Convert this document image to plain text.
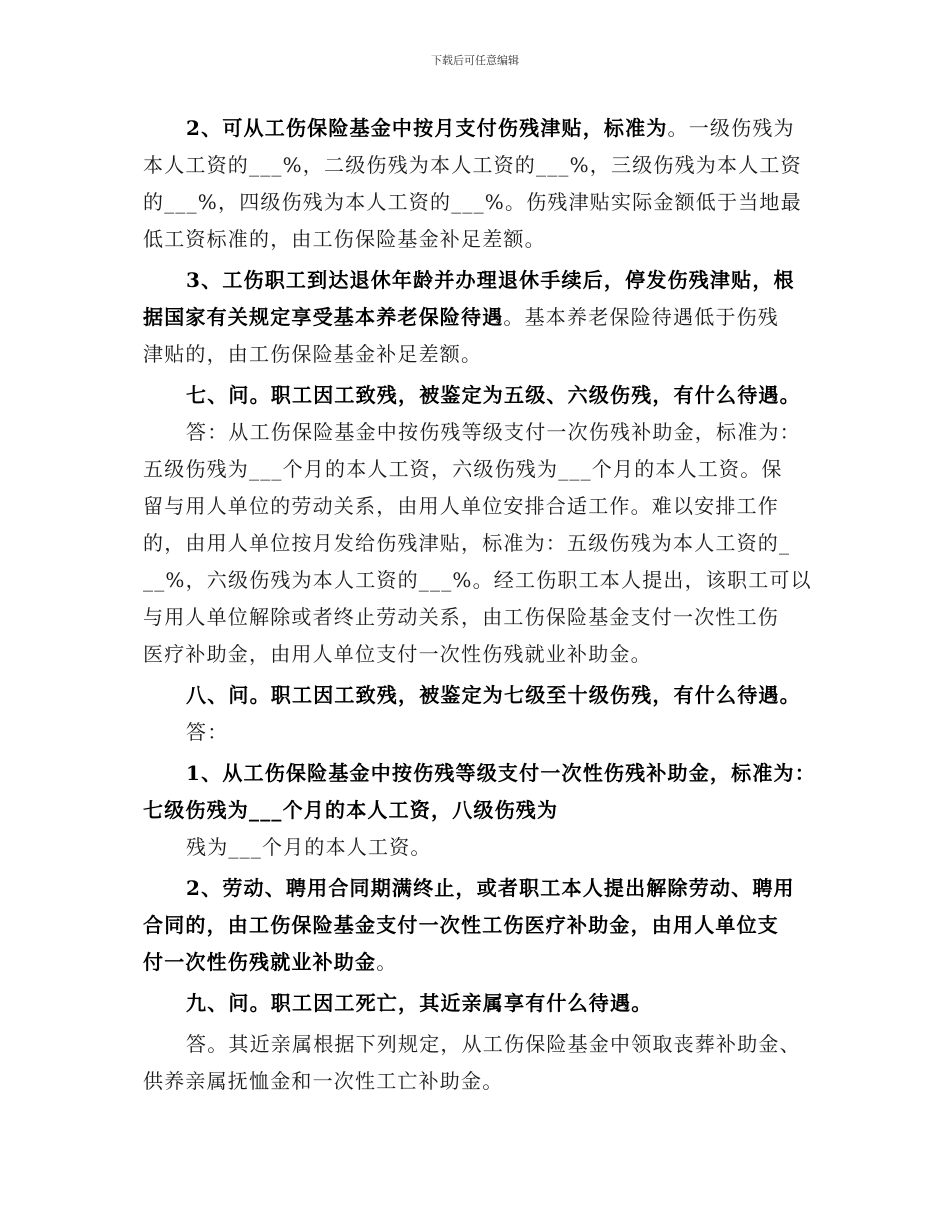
下载后可任意编辑
2、可从工伤保险基金中按月支付伤残津贴，标准为。一级伤残为
本人工资的___%，二级伤残为本人工资的___%，三级伤残为本人工资
的___%，四级伤残为本人工资的___%。伤残津贴实际金额低于当地最
低工资标准的，由工伤保险基金补足差额。
3、工伤职工到达退休年龄并办理退休手续后，停发伤残津贴，根
据国家有关规定享受基本养老保险待遇。基本养老保险待遇低于伤残
津贴的，由工伤保险基金补足差额。
七、问。职工因工致残，被鉴定为五级、六级伤残，有什么待遇。
答：从工伤保险基金中按伤残等级支付一次伤残补助金，标准为：
五级伤残为___个月的本人工资，六级伤残为___个月的本人工资。保
留与用人单位的劳动关系，由用人单位安排合适工作。难以安排工作
的，由用人单位按月发给伤残津贴，标准为：五级伤残为本人工资的_
__%，六级伤残为本人工资的___%。经工伤职工本人提出，该职工可以
与用人单位解除或者终止劳动关系，由工伤保险基金支付一次性工伤
医疗补助金，由用人单位支付一次性伤残就业补助金。
八、问。职工因工致残，被鉴定为七级至十级伤残，有什么待遇。
答：
1、从工伤保险基金中按伤残等级支付一次性伤残补助金，标准为：
七级伤残为___个月的本人工资，八级伤残为
残为___个月的本人工资。
2、劳动、聘用合同期满终止，或者职工本人提出解除劳动、聘用
合同的，由工伤保险基金支付一次性工伤医疗补助金，由用人单位支
付一次性伤残就业补助金。
九、问。职工因工死亡，其近亲属享有什么待遇。
答。其近亲属根据下列规定，从工伤保险基金中领取丧葬补助金、
供养亲属抚恤金和一次性工亡补助金。
